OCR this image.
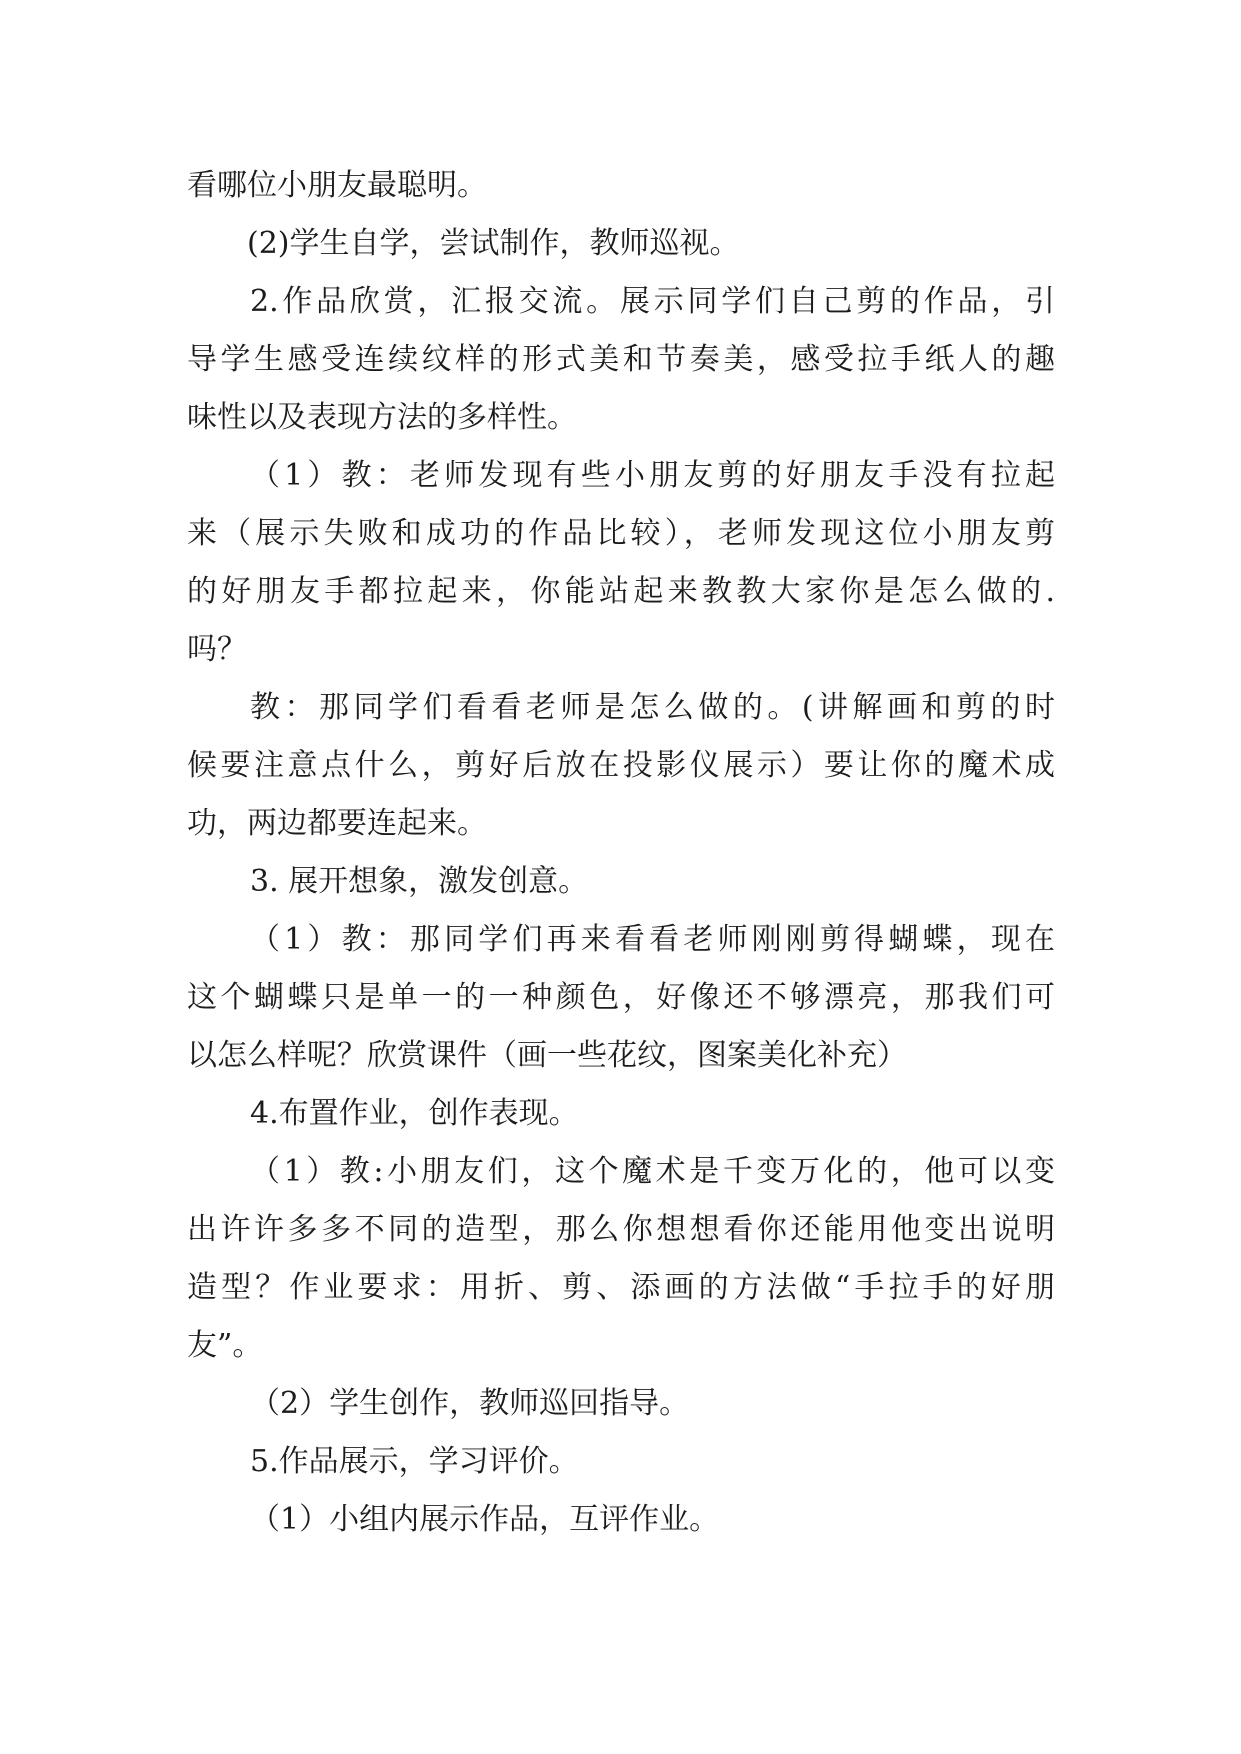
看哪位小朋友最聪明。
(2)学生自学，尝试制作，教师巡视。
2.作品欣赏，汇报交流。展示同学们自己剪的作品，引
导学生感受连续纹样的形式美和节奏美，感受拉手纸人的趣
味性以及表现方法的多样性。
（1）教：老师发现有些小朋友剪的好朋友手没有拉起
来（展示失败和成功的作品比较），老师发现这位小朋友剪
的好朋友手都拉起来，你能站起来教教大家你是怎么做的.
吗？
教：那同学们看看老师是怎么做的。(讲解画和剪的时
候要注意点什么，剪好后放在投影仪展示）要让你的魔术成
功，两边都要连起来。
3. 展开想象，激发创意。
（1）教：那同学们再来看看老师刚刚剪得蝴蝶，现在
这个蝴蝶只是单一的一种颜色，好像还不够漂亮，那我们可
以怎么样呢？欣赏课件（画一些花纹，图案美化补充）
4.布置作业，创作表现。
（1）教:小朋友们，这个魔术是千变万化的，他可以变
出许许多多不同的造型，那么你想想看你还能用他变出说明
造型？作业要求：用折、剪、添画的方法做“手拉手的好朋
友”。
（2）学生创作，教师巡回指导。
5.作品展示，学习评价。
（1）小组内展示作品，互评作业。
